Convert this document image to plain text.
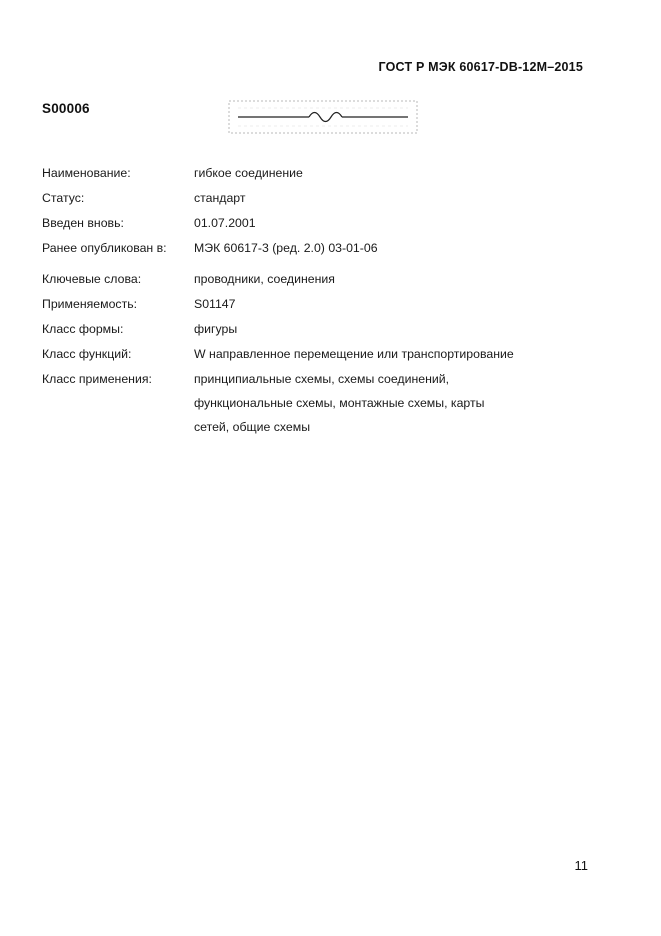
ГОСТ Р МЭК 60617-DB-12M–2015
S00006
Наименование:	гибкое соединение
Статус:	стандарт
Введен вновь:	01.07.2001
Ранее опубликован в:	МЭК 60617-3 (ред. 2.0) 03-01-06
Ключевые слова:	проводники, соединения
Применяемость:	S01147
Класс формы:	фигуры
Класс функций:	W направленное перемещение или транспортирование
Класс применения:	принципиальные схемы, схемы соединений,
функциональные схемы, монтажные схемы, карты
сетей, общие схемы
11
